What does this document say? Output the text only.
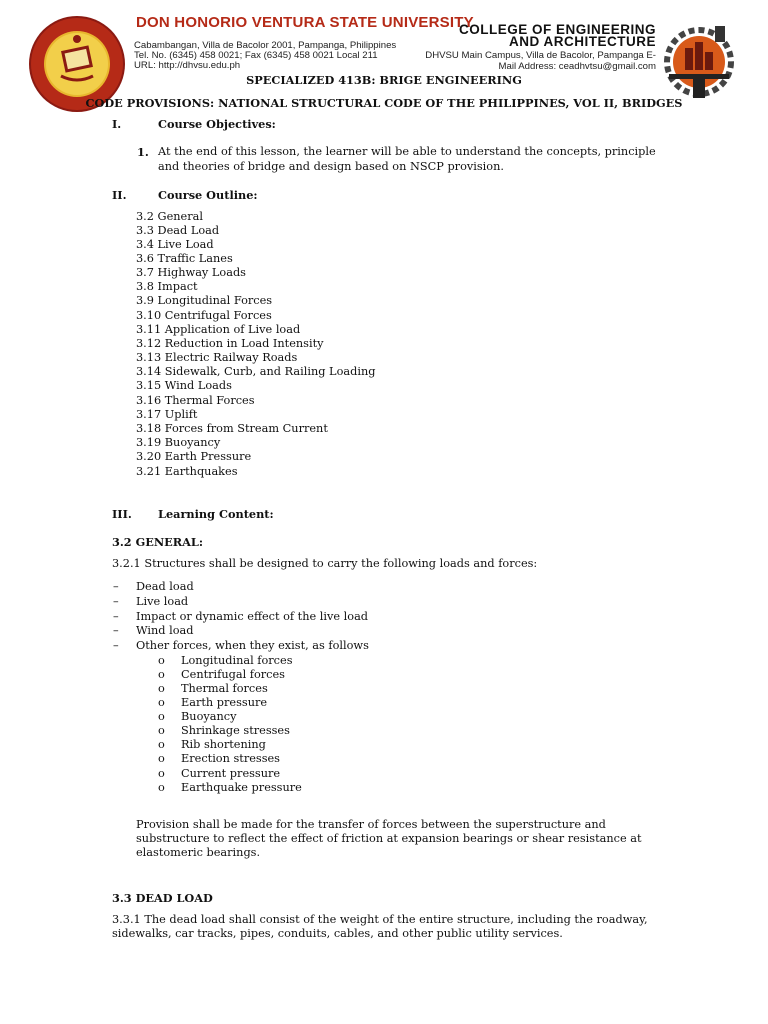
DON HONORIO VENTURA STATE UNIVERSITY
Cabambangan, Villa de Bacolor 2001, Pampanga, Philippines
Tel. No. (6345) 458 0021; Fax (6345) 458 0021 Local 211
URL: http://dhvsu.edu.ph
COLLEGE OF ENGINEERING
AND ARCHITECTURE
DHVSU Main Campus, Villa de Bacolor, Pampanga E-
Mail Address: ceadhvtsu@gmail.com
SPECIALIZED 413B: BRIGE ENGINEERING
CODE PROVISIONS: NATIONAL STRUCTURAL CODE OF THE PHILIPPINES, VOL II, BRIDGES
I.	Course Objectives:
1. At the end of this lesson, the learner will be able to understand the concepts, principle
and theories of bridge and design based on NSCP provision.
II.	Course Outline:
3.2 General
3.3 Dead Load
3.4 Live Load
3.6 Traffic Lanes
3.7 Highway Loads
3.8 Impact
3.9 Longitudinal Forces
3.10 Centrifugal Forces
3.11 Application of Live load
3.12 Reduction in Load Intensity
3.13 Electric Railway Roads
3.14 Sidewalk, Curb, and Railing Loading
3.15 Wind Loads
3.16 Thermal Forces
3.17 Uplift
3.18 Forces from Stream Current
3.19 Buoyancy
3.20 Earth Pressure
3.21 Earthquakes
III. Learning Content:
3.2 GENERAL:
3.2.1 Structures shall be designed to carry the following loads and forces:
– Dead load
– Live load
– Impact or dynamic effect of the live load
– Wind load
– Other forces, when they exist, as follows
o Longitudinal forces
o Centrifugal forces
o Thermal forces
o Earth pressure
o Buoyancy
o Shrinkage stresses
o Rib shortening
o Erection stresses
o Current pressure
o Earthquake pressure
Provision shall be made for the transfer of forces between the superstructure and
substructure to reflect the effect of friction at expansion bearings or shear resistance at
elastomeric bearings.
3.3 DEAD LOAD
3.3.1 The dead load shall consist of the weight of the entire structure, including the roadway,
sidewalks, car tracks, pipes, conduits, cables, and other public utility services.
